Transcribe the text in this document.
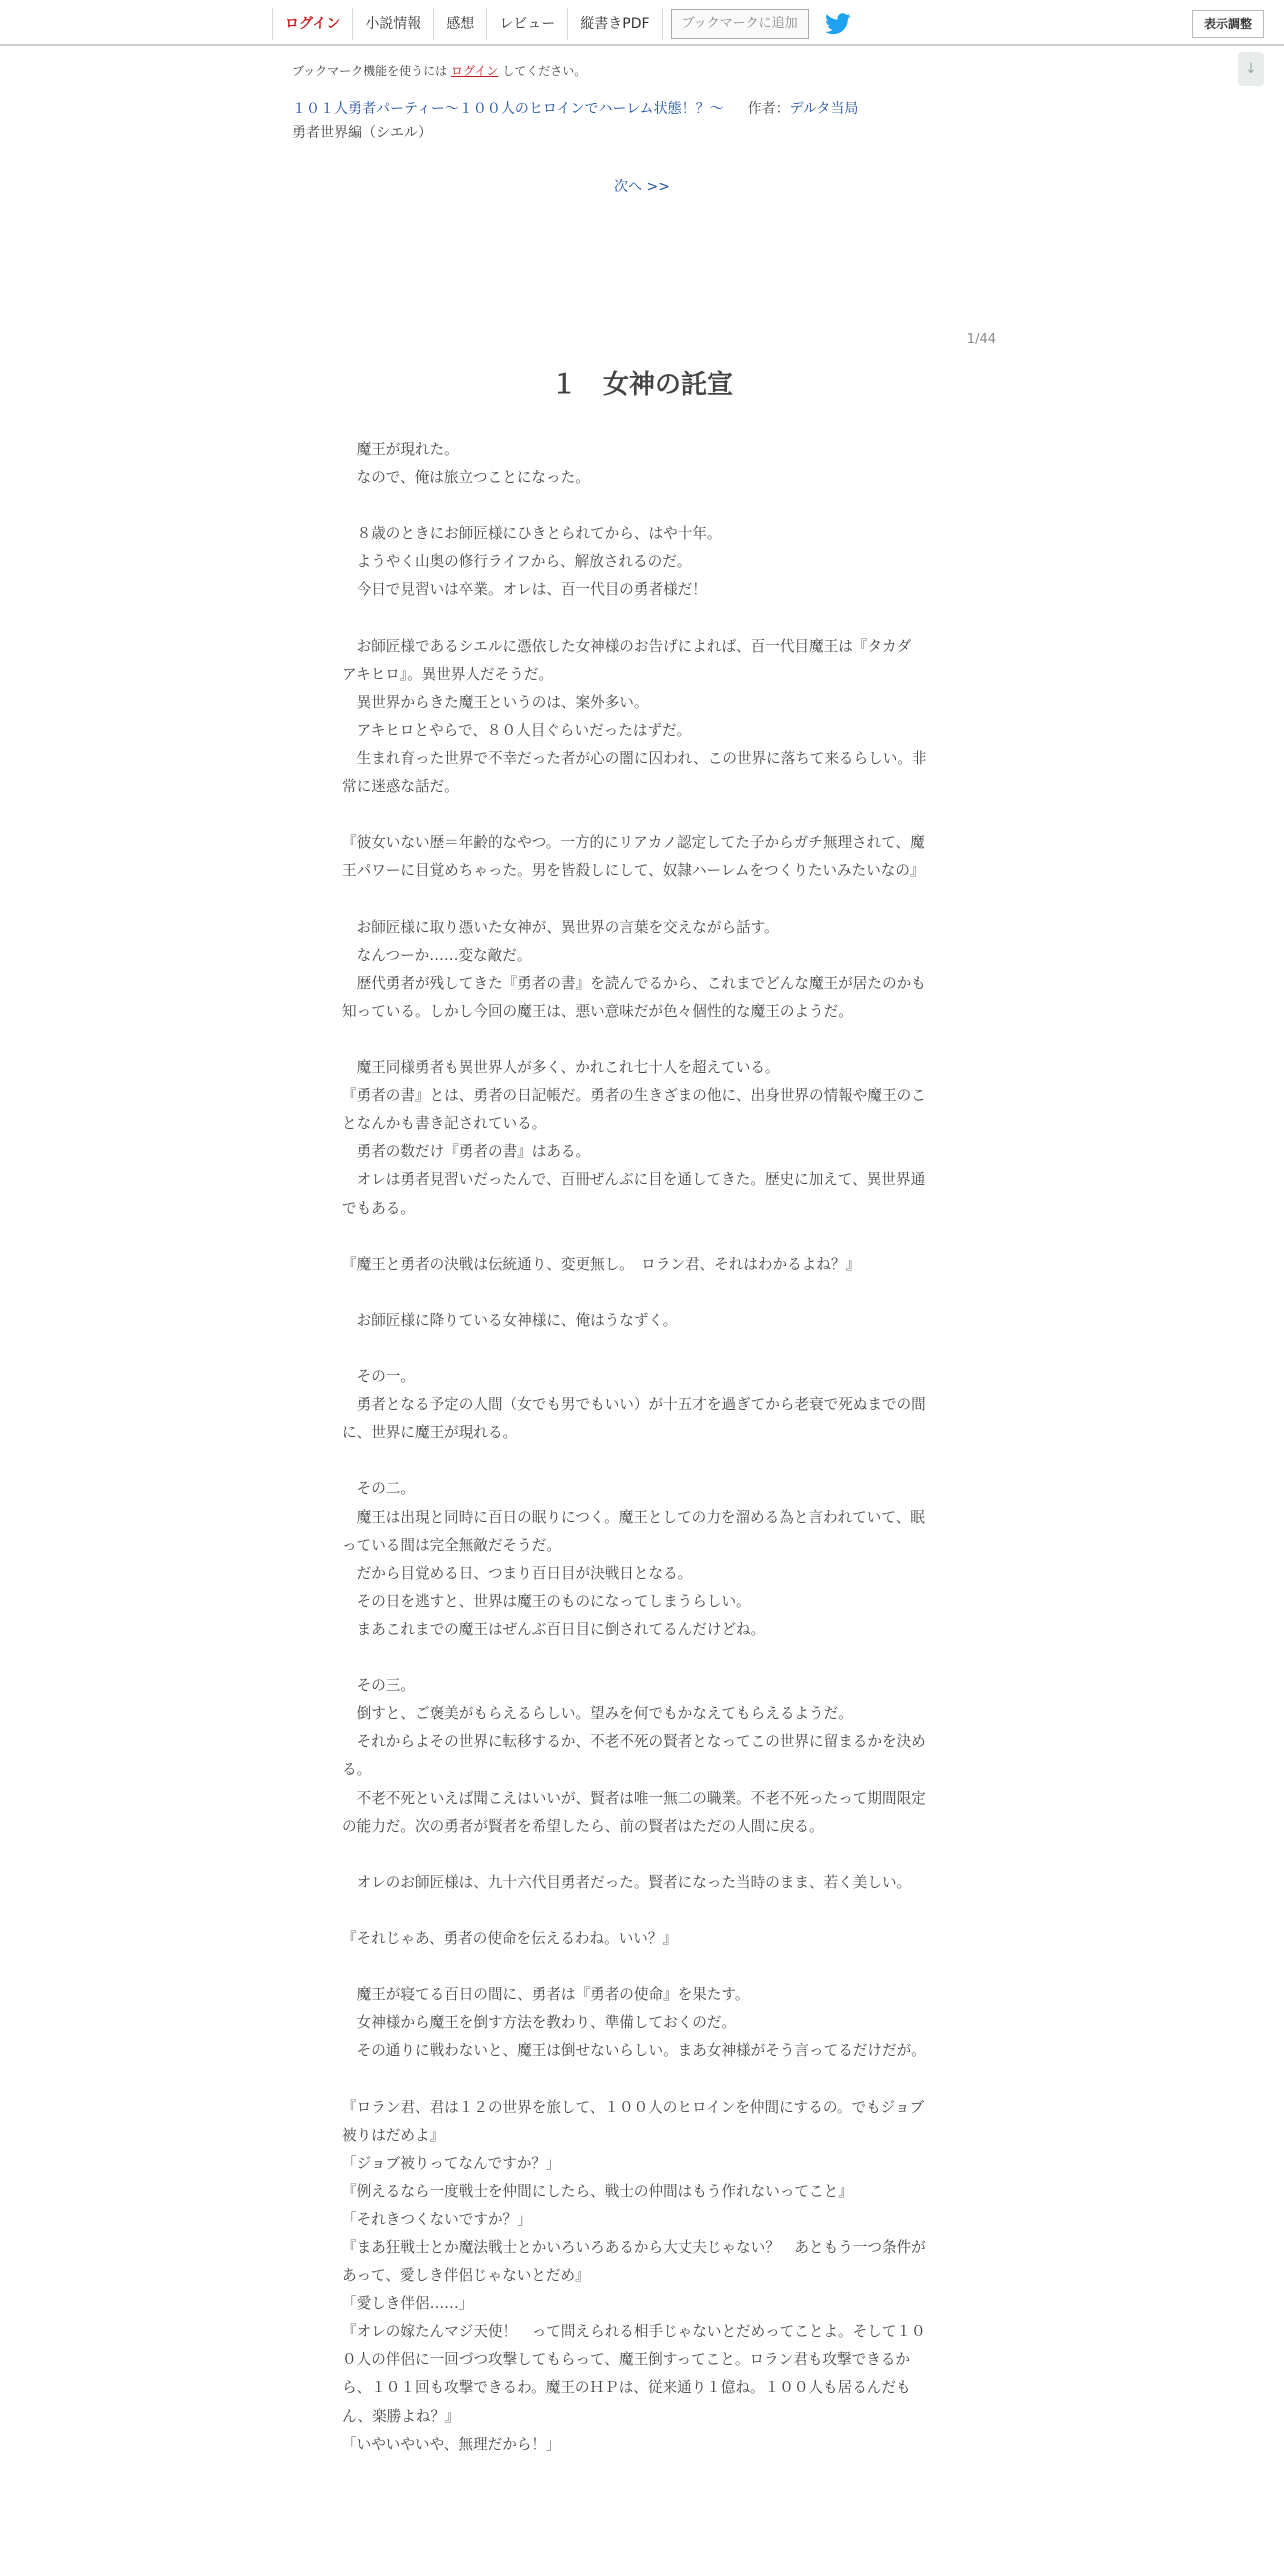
ログイン	小説情報	感想	レビュー	縦書きPDF	ブックマークに追加	表示調整
↓
ブックマーク機能を使うには ログイン してください。
１０１人勇者パーティー〜１００人のヒロインでハーレム状態！？〜 作者：デルタ当局
勇者世界編（シエル）
次へ >>
1/44
１　女神の託宣

　魔王が現れた。

　なので、俺は旅立つことになった。

　８歳のときにお師匠様にひきとられてから、はや十年。

　ようやく山奥の修行ライフから、解放されるのだ。

　今日で見習いは卒業。オレは、百一代目の勇者様だ！

　お師匠様であるシエルに憑依した女神様のお告げによれば、百一代目魔王は『タカダ　アキヒロ』。異世界人だそうだ。

　異世界からきた魔王というのは、案外多い。

　アキヒロとやらで、８０人目ぐらいだったはずだ。

　生まれ育った世界で不幸だった者が心の闇に囚われ、この世界に落ちて来るらしい。非常に迷惑な話だ。

『彼女いない歴＝年齢的なやつ。一方的にリアカノ認定してた子からガチ無理されて、魔王パワーに目覚めちゃった。男を皆殺しにして、奴隷ハーレムをつくりたいみたいなの』

　お師匠様に取り憑いた女神が、異世界の言葉を交えながら話す。

　なんつーか……変な敵だ。

　歴代勇者が残してきた『勇者の書』を読んでるから、これまでどんな魔王が居たのかも知っている。しかし今回の魔王は、悪い意味だが色々個性的な魔王のようだ。

　魔王同様勇者も異世界人が多く、かれこれ七十人を超えている。

『勇者の書』とは、勇者の日記帳だ。勇者の生きざまの他に、出身世界の情報や魔王のことなんかも書き記されている。

　勇者の数だけ『勇者の書』はある。

　オレは勇者見習いだったんで、百冊ぜんぶに目を通してきた。歴史に加えて、異世界通でもある。

『魔王と勇者の決戦は伝統通り、変更無し。　ロラン君、それはわかるよね？』

　お師匠様に降りている女神様に、俺はうなずく。

　その一。

　勇者となる予定の人間（女でも男でもいい）が十五才を過ぎてから老衰で死ぬまでの間に、世界に魔王が現れる。

　その二。

　魔王は出現と同時に百日の眠りにつく。魔王としての力を溜める為と言われていて、眠っている間は完全無敵だそうだ。

　だから目覚める日、つまり百日目が決戦日となる。

　その日を逃すと、世界は魔王のものになってしまうらしい。

　まあこれまでの魔王はぜんぶ百日目に倒されてるんだけどね。

　その三。

　倒すと、ご褒美がもらえるらしい。望みを何でもかなえてもらえるようだ。

　それからよその世界に転移するか、不老不死の賢者となってこの世界に留まるかを決める。

　不老不死といえば聞こえはいいが、賢者は唯一無二の職業。不老不死ったって期間限定の能力だ。次の勇者が賢者を希望したら、前の賢者はただの人間に戻る。

　オレのお師匠様は、九十六代目勇者だった。賢者になった当時のまま、若く美しい。

『それじゃあ、勇者の使命を伝えるわね。いい？』

　魔王が寝てる百日の間に、勇者は『勇者の使命』を果たす。

　女神様から魔王を倒す方法を教わり、準備しておくのだ。

　その通りに戦わないと、魔王は倒せないらしい。まあ女神様がそう言ってるだけだが。

『ロラン君、君は１２の世界を旅して、１００人のヒロインを仲間にするの。でもジョブ被りはだめよ』

「ジョブ被りってなんですか？」

『例えるなら一度戦士を仲間にしたら、戦士の仲間はもう作れないってこと』

「それきつくないですか？」

『まあ狂戦士とか魔法戦士とかいろいろあるから大丈夫じゃない？　あともう一つ条件があって、愛しき伴侶じゃないとだめ』

「愛しき伴侶……」

『オレの嫁たんマジ天使！　って問えられる相手じゃないとだめってことよ。そして１００人の伴侶に一回づつ攻撃してもらって、魔王倒すってこと。ロラン君も攻撃できるから、１０１回も攻撃できるわ。魔王のＨＰは、従来通り１億ね。１００人も居るんだもん、楽勝よね？』

「いやいやいや、無理だから！」
